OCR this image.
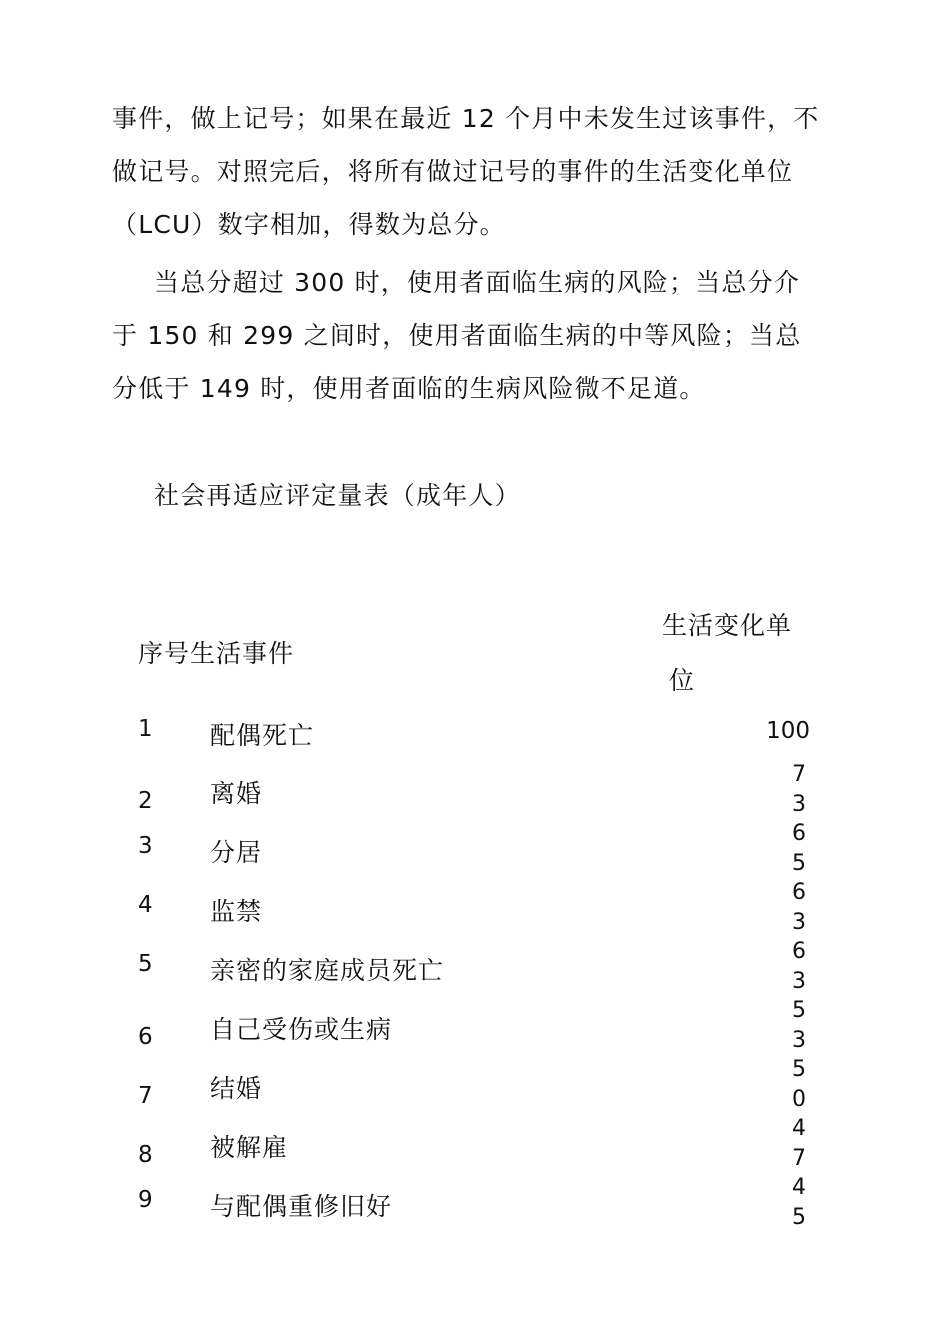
事件，做上记号；如果在最近 12 个月中未发生过该事件，不做记号。对照完后，将所有做过记号的事件的生活变化单位（LCU）数字相加，得数为总分。
当总分超过 300 时，使用者面临生病的风险；当总分介于 150 和 299 之间时，使用者面临生病的中等风险；当总分低于 149 时，使用者面临的生病风险微不足道。
社会再适应评定量表（成年人）
序号生活事件
生活变化单
位
1 配偶死亡	100
2 离婚
73
3 分居
65
4 监禁
63
5 亲密的家庭成员死亡
63
6 自己受伤或生病
53
7 结婚
50
8 被解雇
47
9 与配偶重修旧好
45
